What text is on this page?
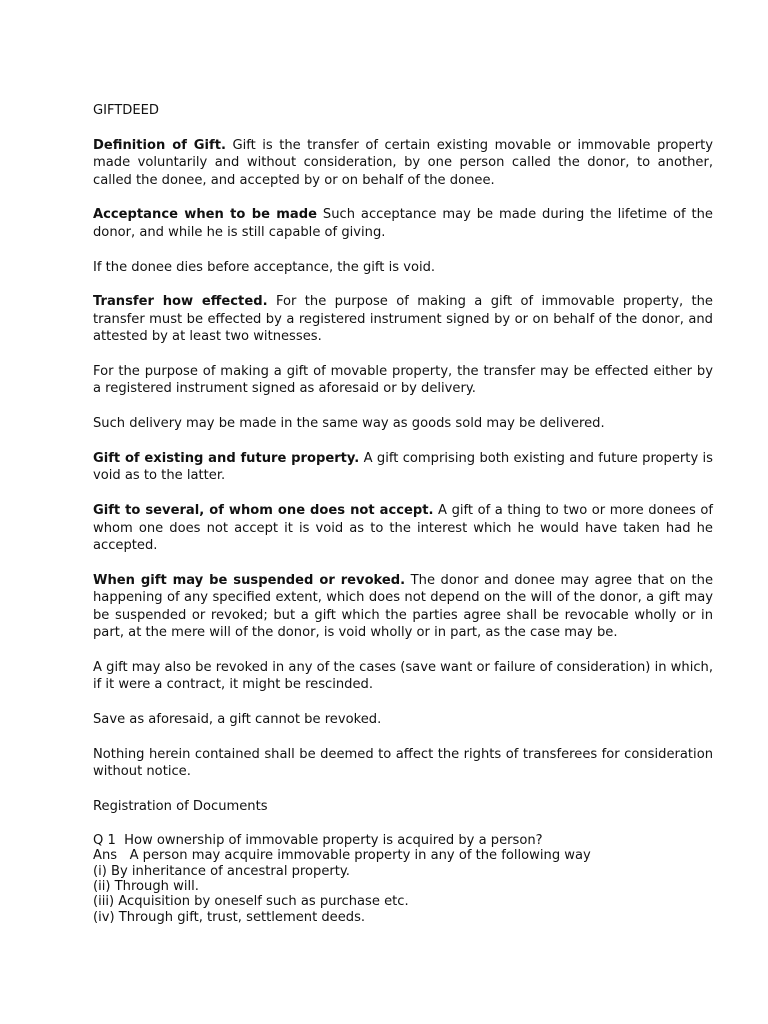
GIFTDEED

Definition of Gift. Gift is the transfer of certain existing movable or immovable property made voluntarily and without consideration, by one person called the donor, to another, called the donee, and accepted by or on behalf of the donee.

Acceptance when to be made Such acceptance may be made during the lifetime of the donor, and while he is still capable of giving.

If the donee dies before acceptance, the gift is void.

Transfer how effected. For the purpose of making a gift of immovable property, the transfer must be effected by a registered instrument signed by or on behalf of the donor, and attested by at least two witnesses.

For the purpose of making a gift of movable property, the transfer may be effected either by a registered instrument signed as aforesaid or by delivery.

Such delivery may be made in the same way as goods sold may be delivered.

Gift of existing and future property. A gift comprising both existing and future property is void as to the latter.

Gift to several, of whom one does not accept. A gift of a thing to two or more donees of whom one does not accept it is void as to the interest which he would have taken had he accepted.

When gift may be suspended or revoked. The donor and donee may agree that on the happening of any specified extent, which does not depend on the will of the donor, a gift may be suspended or revoked; but a gift which the parties agree shall be revocable wholly or in part, at the mere will of the donor, is void wholly or in part, as the case may be.

A gift may also be revoked in any of the cases (save want or failure of consideration) in which, if it were a contract, it might be rescinded.

Save as aforesaid, a gift cannot be revoked.

Nothing herein contained shall be deemed to affect the rights of transferees for consideration without notice.

Registration of Documents

Q 1  How ownership of immovable property is acquired by a person?
Ans   A person may acquire immovable property in any of the following way
(i) By inheritance of ancestral property.
(ii) Through will.
(iii) Acquisition by oneself such as purchase etc.
(iv) Through gift, trust, settlement deeds.
